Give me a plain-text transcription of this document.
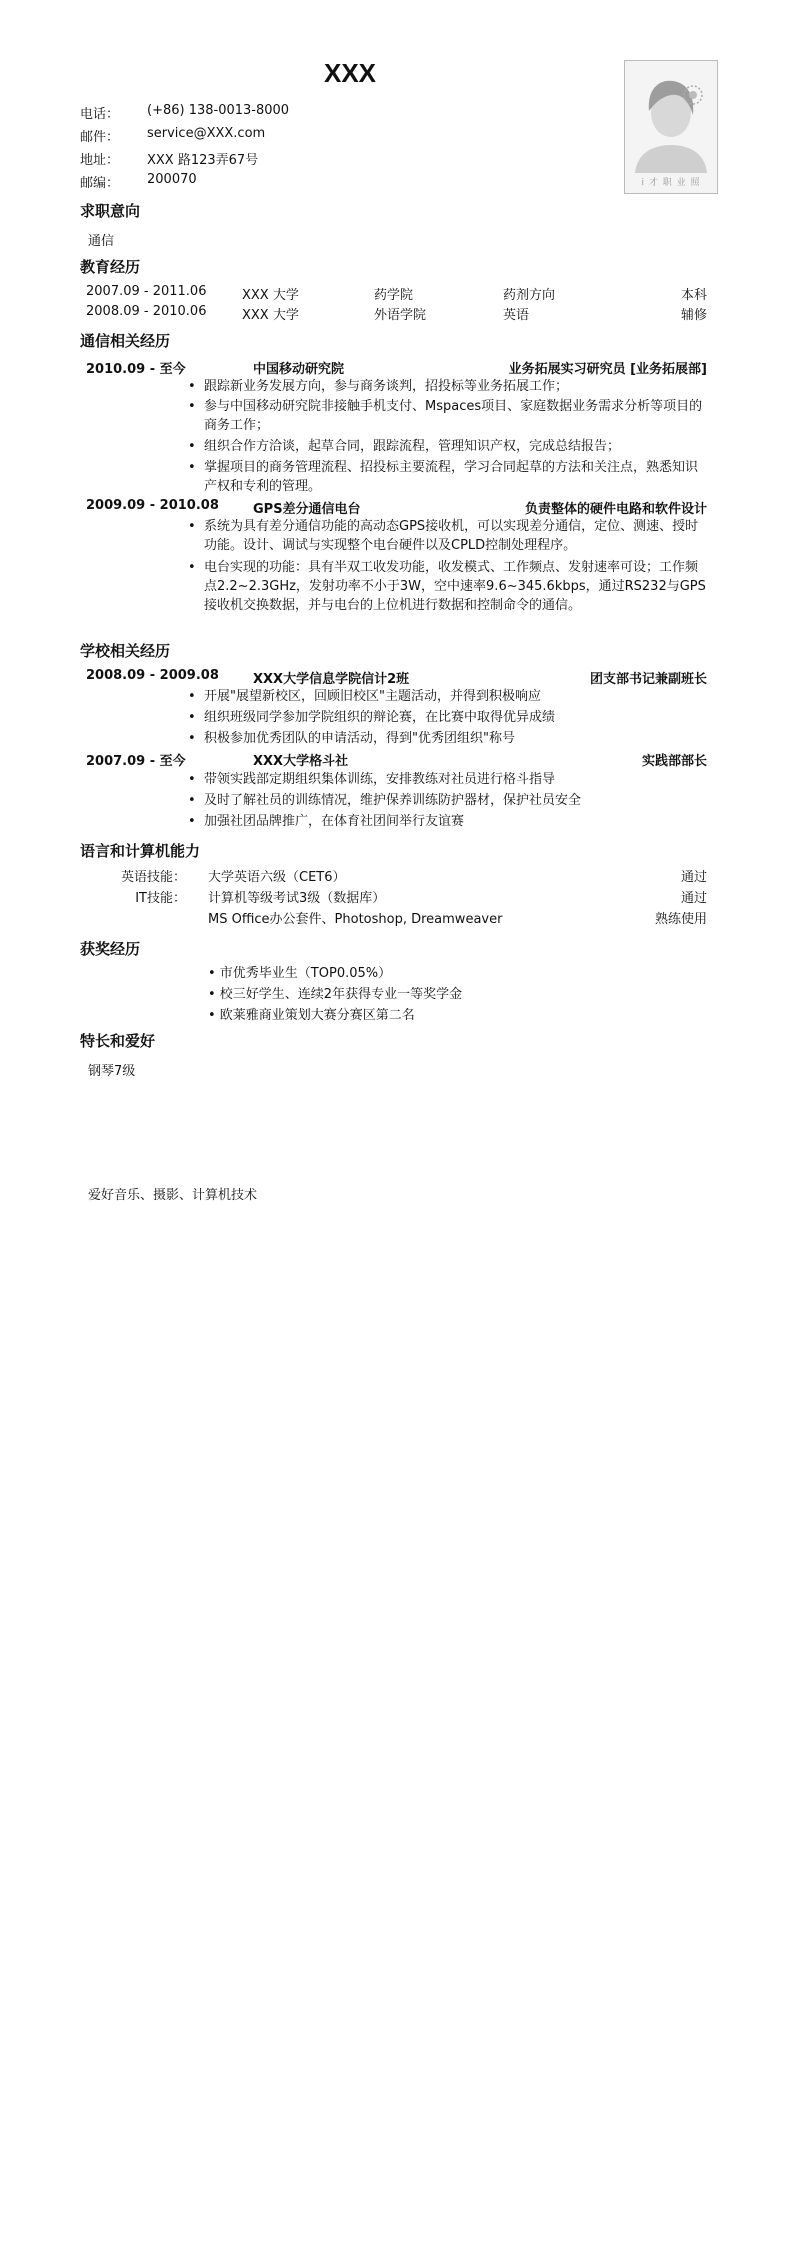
XXX
i 才 职 业 照
电话： (+86) 138-0013-8000
邮件： service@XXX.com
地址： XXX 路123弄67号
邮编： 200070
求职意向
通信
教育经历
2007.09 - 2011.06	XXX 大学	药学院	药剂方向	本科
2008.09 - 2010.06	XXX 大学	外语学院	英语	辅修
通信相关经历
2010.09 - 至今	中国移动研究院	业务拓展实习研究员 [业务拓展部]
• 跟踪新业务发展方向，参与商务谈判，招投标等业务拓展工作；
• 参与中国移动研究院非接触手机支付、Mspaces项目、家庭数据业务需求分析等项目的商务工作；
• 组织合作方洽谈，起草合同，跟踪流程，管理知识产权，完成总结报告；
• 掌握项目的商务管理流程、招投标主要流程，学习合同起草的方法和关注点，熟悉知识产权和专利的管理。
2009.09 - 2010.08	GPS差分通信电台	负责整体的硬件电路和软件设计
• 系统为具有差分通信功能的高动态GPS接收机，可以实现差分通信，定位、测速、授时功能。设计、调试与实现整个电台硬件以及CPLD控制处理程序。
• 电台实现的功能：具有半双工收发功能，收发模式、工作频点、发射速率可设；工作频点2.2~2.3GHz，发射功率不小于3W，空中速率9.6~345.6kbps，通过RS232与GPS接收机交换数据，并与电台的上位机进行数据和控制命令的通信。
学校相关经历
2008.09 - 2009.08	XXX大学信息学院信计2班	团支部书记兼副班长
• 开展"展望新校区，回顾旧校区"主题活动，并得到积极响应
• 组织班级同学参加学院组织的辩论赛，在比赛中取得优异成绩
• 积极参加优秀团队的申请活动，得到"优秀团组织"称号
2007.09 - 至今	XXX大学格斗社	实践部部长
• 带领实践部定期组织集体训练，安排教练对社员进行格斗指导
• 及时了解社员的训练情况，维护保养训练防护器材，保护社员安全
• 加强社团品牌推广，在体育社团间举行友谊赛
语言和计算机能力
英语技能： 大学英语六级（CET6）	通过
IT技能： 计算机等级考试3级（数据库）	通过
MS Office办公套件、Photoshop, Dreamweaver	熟练使用
获奖经历
• 市优秀毕业生（TOP0.05%）
• 校三好学生、连续2年获得专业一等奖学金
• 欧莱雅商业策划大赛分赛区第二名
特长和爱好
钢琴7级
爱好音乐、摄影、计算机技术
